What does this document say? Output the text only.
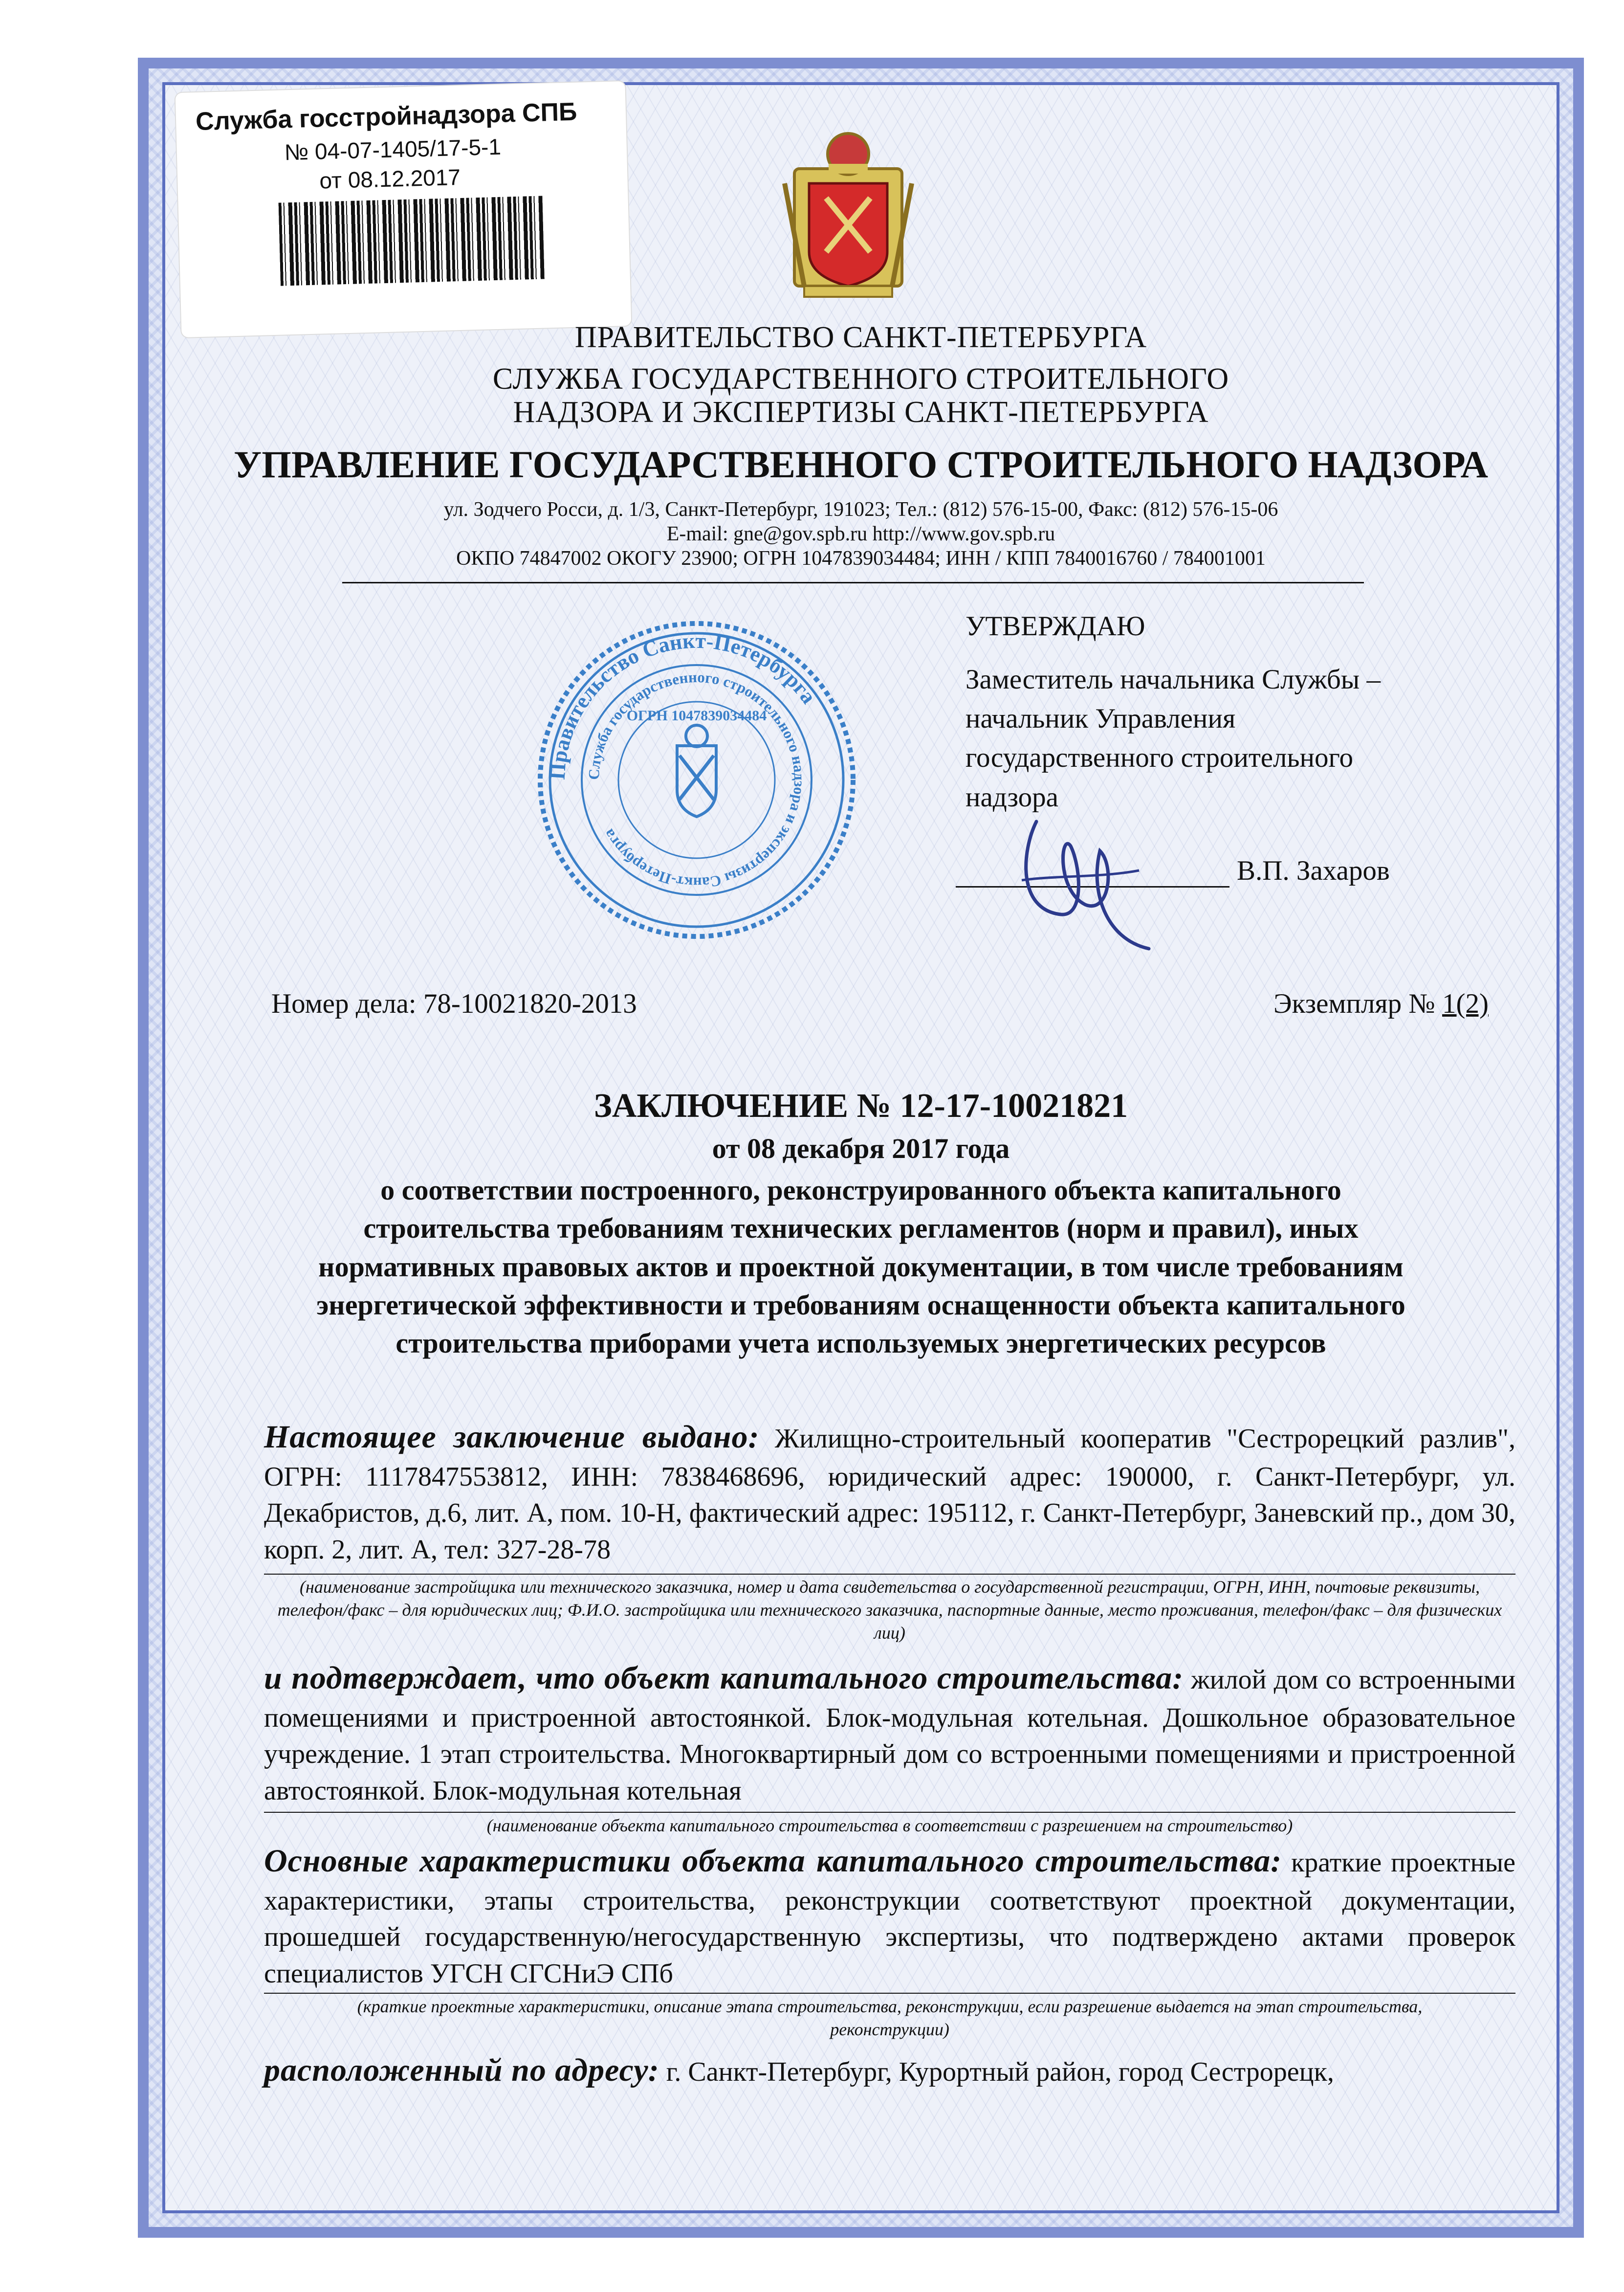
Служба госстройнадзора СПБ
№ 04-07-1405/17-5-1
от 08.12.2017
ПРАВИТЕЛЬСТВО САНКТ-ПЕТЕРБУРГА
СЛУЖБА ГОСУДАРСТВЕННОГО СТРОИТЕЛЬНОГО
НАДЗОРА И ЭКСПЕРТИЗЫ САНКТ-ПЕТЕРБУРГА
УПРАВЛЕНИЕ ГОСУДАРСТВЕННОГО СТРОИТЕЛЬНОГО НАДЗОРА
ул. Зодчего Росси, д. 1/3, Санкт-Петербург, 191023; Тел.: (812) 576-15-00, Факс: (812) 576-15-06
E-mail: gne@gov.spb.ru http://www.gov.spb.ru
ОКПО 74847002 ОКОГУ 23900; ОГРН 1047839034484; ИНН / КПП 7840016760 / 784001001
Правительство Санкт-Петербурга
Служба государственного строительного надзора и экспертизы Санкт-Петербурга
ОГРН 1047839034484
УТВЕРЖДАЮ
Заместитель начальника Службы –
начальник Управления
государственного строительного
надзора
В.П. Захаров
Номер дела: 78-10021820-2013	Экземпляр № 1(2)
ЗАКЛЮЧЕНИЕ № 12-17-10021821
от 08 декабря 2017 года
о соответствии построенного, реконструированного объекта капитального
строительства требованиям технических регламентов (норм и правил), иных
нормативных правовых актов и проектной документации, в том числе требованиям
энергетической эффективности и требованиям оснащенности объекта капитального
строительства приборами учета используемых энергетических ресурсов
Настоящее заключение выдано: Жилищно-строительный кооператив "Сестрорецкий разлив", ОГРН: 1117847553812, ИНН: 7838468696, юридический адрес: 190000, г. Санкт-Петербург, ул. Декабристов, д.6, лит. А, пом. 10-Н, фактический адрес: 195112, г. Санкт-Петербург, Заневский пр., дом 30, корп. 2, лит. А, тел: 327-28-78
(наименование застройщика или технического заказчика, номер и дата свидетельства о государственной регистрации, ОГРН, ИНН, почтовые реквизиты, телефон/факс – для юридических лиц; Ф.И.О. застройщика или технического заказчика, паспортные данные, место проживания, телефон/факс – для физических лиц)
и подтверждает, что объект капитального строительства: жилой дом со встроенными помещениями и пристроенной автостоянкой. Блок-модульная котельная. Дошкольное образовательное учреждение. 1 этап строительства. Многоквартирный дом со встроенными помещениями и пристроенной автостоянкой. Блок-модульная котельная
(наименование объекта капитального строительства в соответствии с разрешением на строительство)
Основные характеристики объекта капитального строительства: краткие проектные характеристики, этапы строительства, реконструкции соответствуют проектной документации, прошедшей государственную/негосударственную экспертизы, что подтверждено актами проверок специалистов УГСН СГСНиЭ СПб
(краткие проектные характеристики, описание этапа строительства, реконструкции, если разрешение выдается на этап строительства, реконструкции)
расположенный по адресу: г. Санкт-Петербург, Курортный район, город Сестрорецк,
